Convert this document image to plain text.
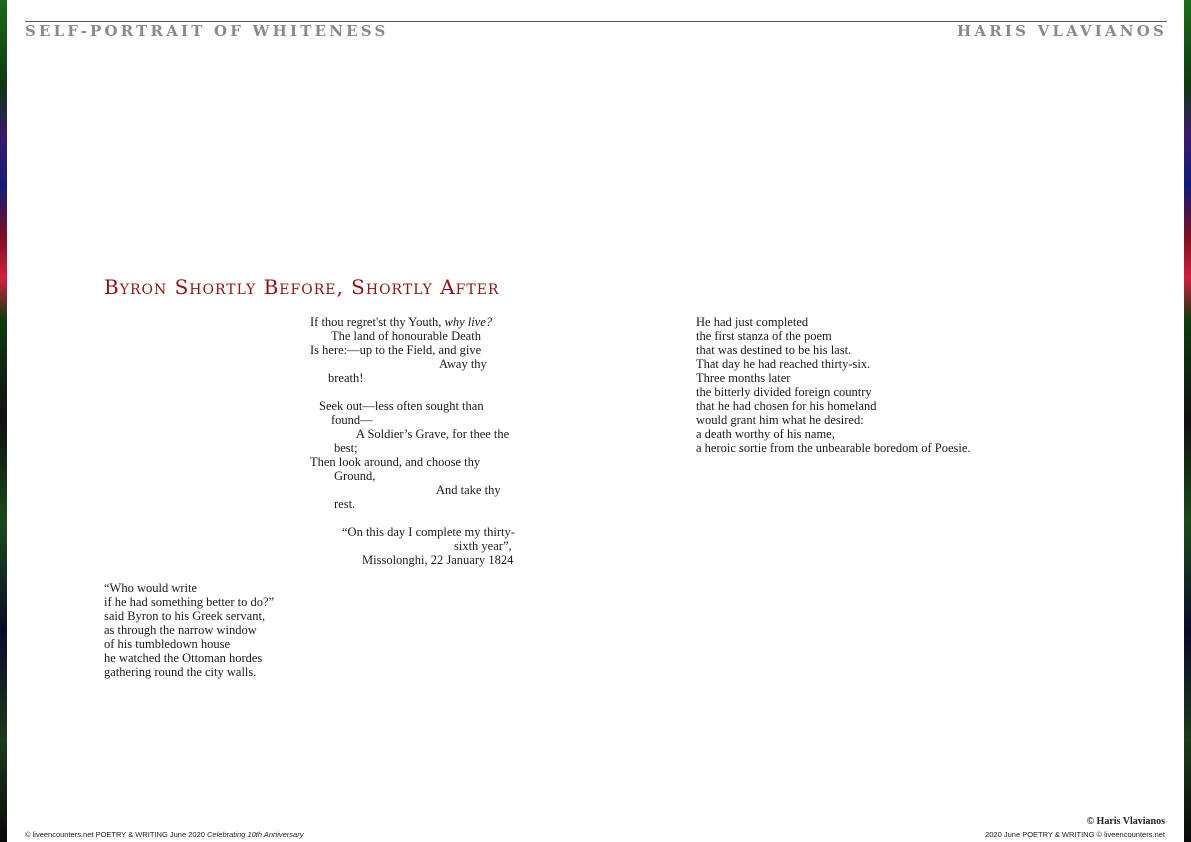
SELF-PORTRAIT OF WHITENESS	HARIS VLAVIANOS
Byron Shortly Before, Shortly After
If thou regret'st thy Youth, why live?
The land of honourable Death
Is here:—up to the Field, and give
Away thy
breath!
Seek out—less often sought than
found—
A Soldier’s Grave, for thee the
best;
Then look around, and choose thy
Ground,
And take thy
rest.
“On this day I complete my thirty-
sixth year”,
Missolonghi, 22 January 1824
“Who would write
if he had something better to do?”
said Byron to his Greek servant,
as through the narrow window
of his tumbledown house
he watched the Ottoman hordes
gathering round the city walls.
He had just completed
the first stanza of the poem
that was destined to be his last.
That day he had reached thirty-six.
Three months later
the bitterly divided foreign country
that he had chosen for his homeland
would grant him what he desired:
a death worthy of his name,
a heroic sortie from the unbearable boredom of Poesie.
© Haris Vlavianos
© liveencounters.net POETRY & WRITING June 2020 Celebrating 10th Anniversary	2020 June POETRY & WRITING © liveencounters.net
